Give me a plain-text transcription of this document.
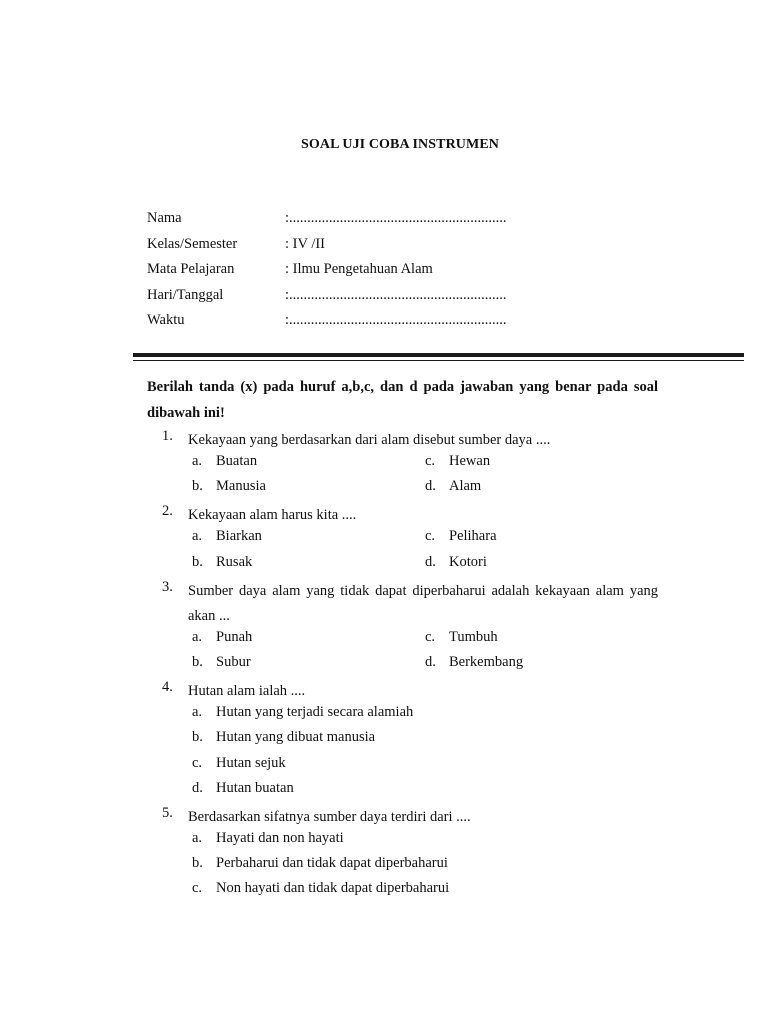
SOAL UJI COBA INSTRUMEN
Nama	:............................................................
Kelas/Semester	: IV /II
Mata Pelajaran	: Ilmu Pengetahuan Alam
Hari/Tanggal	:............................................................
Waktu	:............................................................
Berilah tanda (x) pada huruf a,b,c, dan d pada jawaban yang benar pada soal dibawah ini!
1.	Kekayaan yang berdasarkan dari alam disebut sumber daya ....
a. Buatan	c. Hewan
b. Manusia	d. Alam
2.	Kekayaan alam harus kita ....
a. Biarkan	c. Pelihara
b. Rusak	d. Kotori
3.	Sumber daya alam yang tidak dapat diperbaharui adalah kekayaan alam yang akan ...
a. Punah	c. Tumbuh
b. Subur	d. Berkembang
4.	Hutan alam ialah ....
a. Hutan yang terjadi secara alamiah
b. Hutan yang dibuat manusia
c. Hutan sejuk
d. Hutan buatan
5.	Berdasarkan sifatnya sumber daya terdiri dari ....
a. Hayati dan non hayati
b. Perbaharui dan tidak dapat diperbaharui
c. Non hayati dan tidak dapat diperbaharui
